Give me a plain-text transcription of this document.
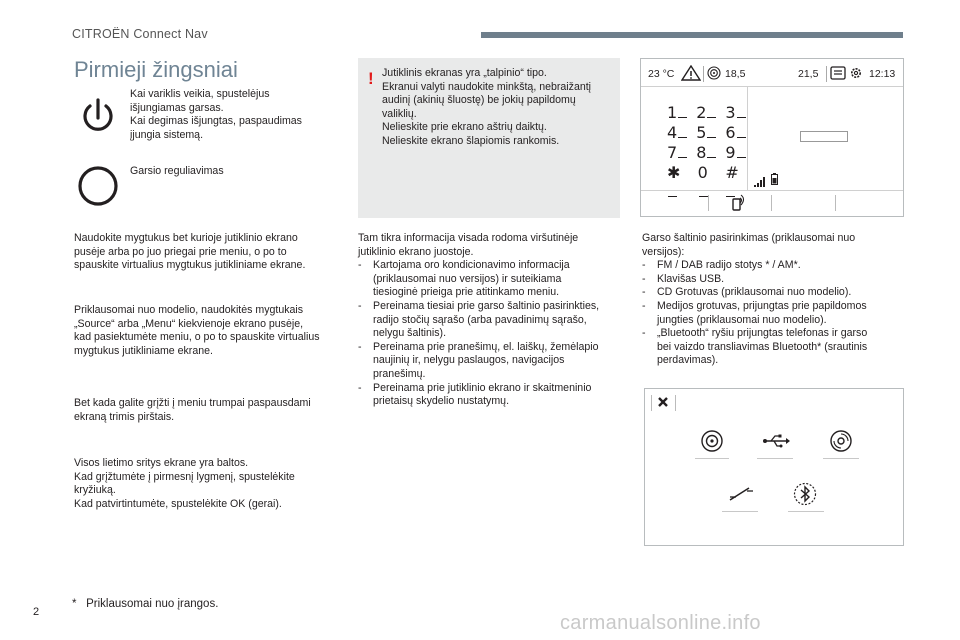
CITROËN Connect Nav
Pirmieji žingsniai
Kai variklis veikia, spustelėjus
išjungiamas garsas.
Kai degimas išjungtas, paspaudimas
įjungia sistemą.
Garsio reguliavimas
Naudokite mygtukus bet kurioje jutiklinio ekrano
pusėje arba po juo priegai prie meniu, o po to
spauskite virtualius mygtukus jutikliniame ekrane.
Priklausomai nuo modelio, naudokitės mygtukais
„Source“ arba „Menu“ kiekvienoje ekrano pusėje,
kad pasiektumėte meniu, o po to spauskite virtualius
mygtukus jutikliniame ekrane.
Bet kada galite grįžti į meniu trumpai paspausdami
ekraną trimis pirštais.
Visos lietimo sritys ekrane yra baltos.
Kad grįžtumėte į pirmesnį lygmenį, spustelėkite
kryžiuką.
Kad patvirtintumėte, spustelėkite OK (gerai).
! Jutiklinis ekranas yra „talpinio“ tipo.
Ekranui valyti naudokite minkštą, nebraižantį
audinį (akinių šluostę) be jokių papildomų
valiklių.
Nelieskite prie ekrano aštrių daiktų.
Nelieskite ekrano šlapiomis rankomis.
Tam tikra informacija visada rodoma viršutinėje
jutiklinio ekrano juostoje.
- Kartojama oro kondicionavimo informacija
(priklausomai nuo versijos) ir suteikiama
tiesioginė prieiga prie atitinkamo meniu.
- Pereinama tiesiai prie garso šaltinio pasirinkties,
radijo stočių sąrašo (arba pavadinimų sąrašo,
nelygu šaltinis).
- Pereinama prie pranešimų, el. laiškų, žemėlapio
naujinių ir, nelygu paslaugos, navigacijos
pranešimų.
- Pereinama prie jutiklinio ekrano ir skaitmeninio
prietaisų skydelio nustatymų.
23 °C	18,5	21,5	12:13
1	2	3
4	5	6
7	8	9
✱	0	#
Garso šaltinio pasirinkimas (priklausomai nuo
versijos):
- FM / DAB radijo stotys * / AM*.
- Klavišas USB.
- CD Grotuvas (priklausomai nuo modelio).
- Medijos grotuvas, prijungtas prie papildomos
jungties (priklausomai nuo modelio).
- „Bluetooth“ ryšiu prijungtas telefonas ir garso
bei vaizdo transliavimas Bluetooth* (srautinis
perdavimas).
* Priklausomai nuo įrangos.
2	carmanualsonline.info
